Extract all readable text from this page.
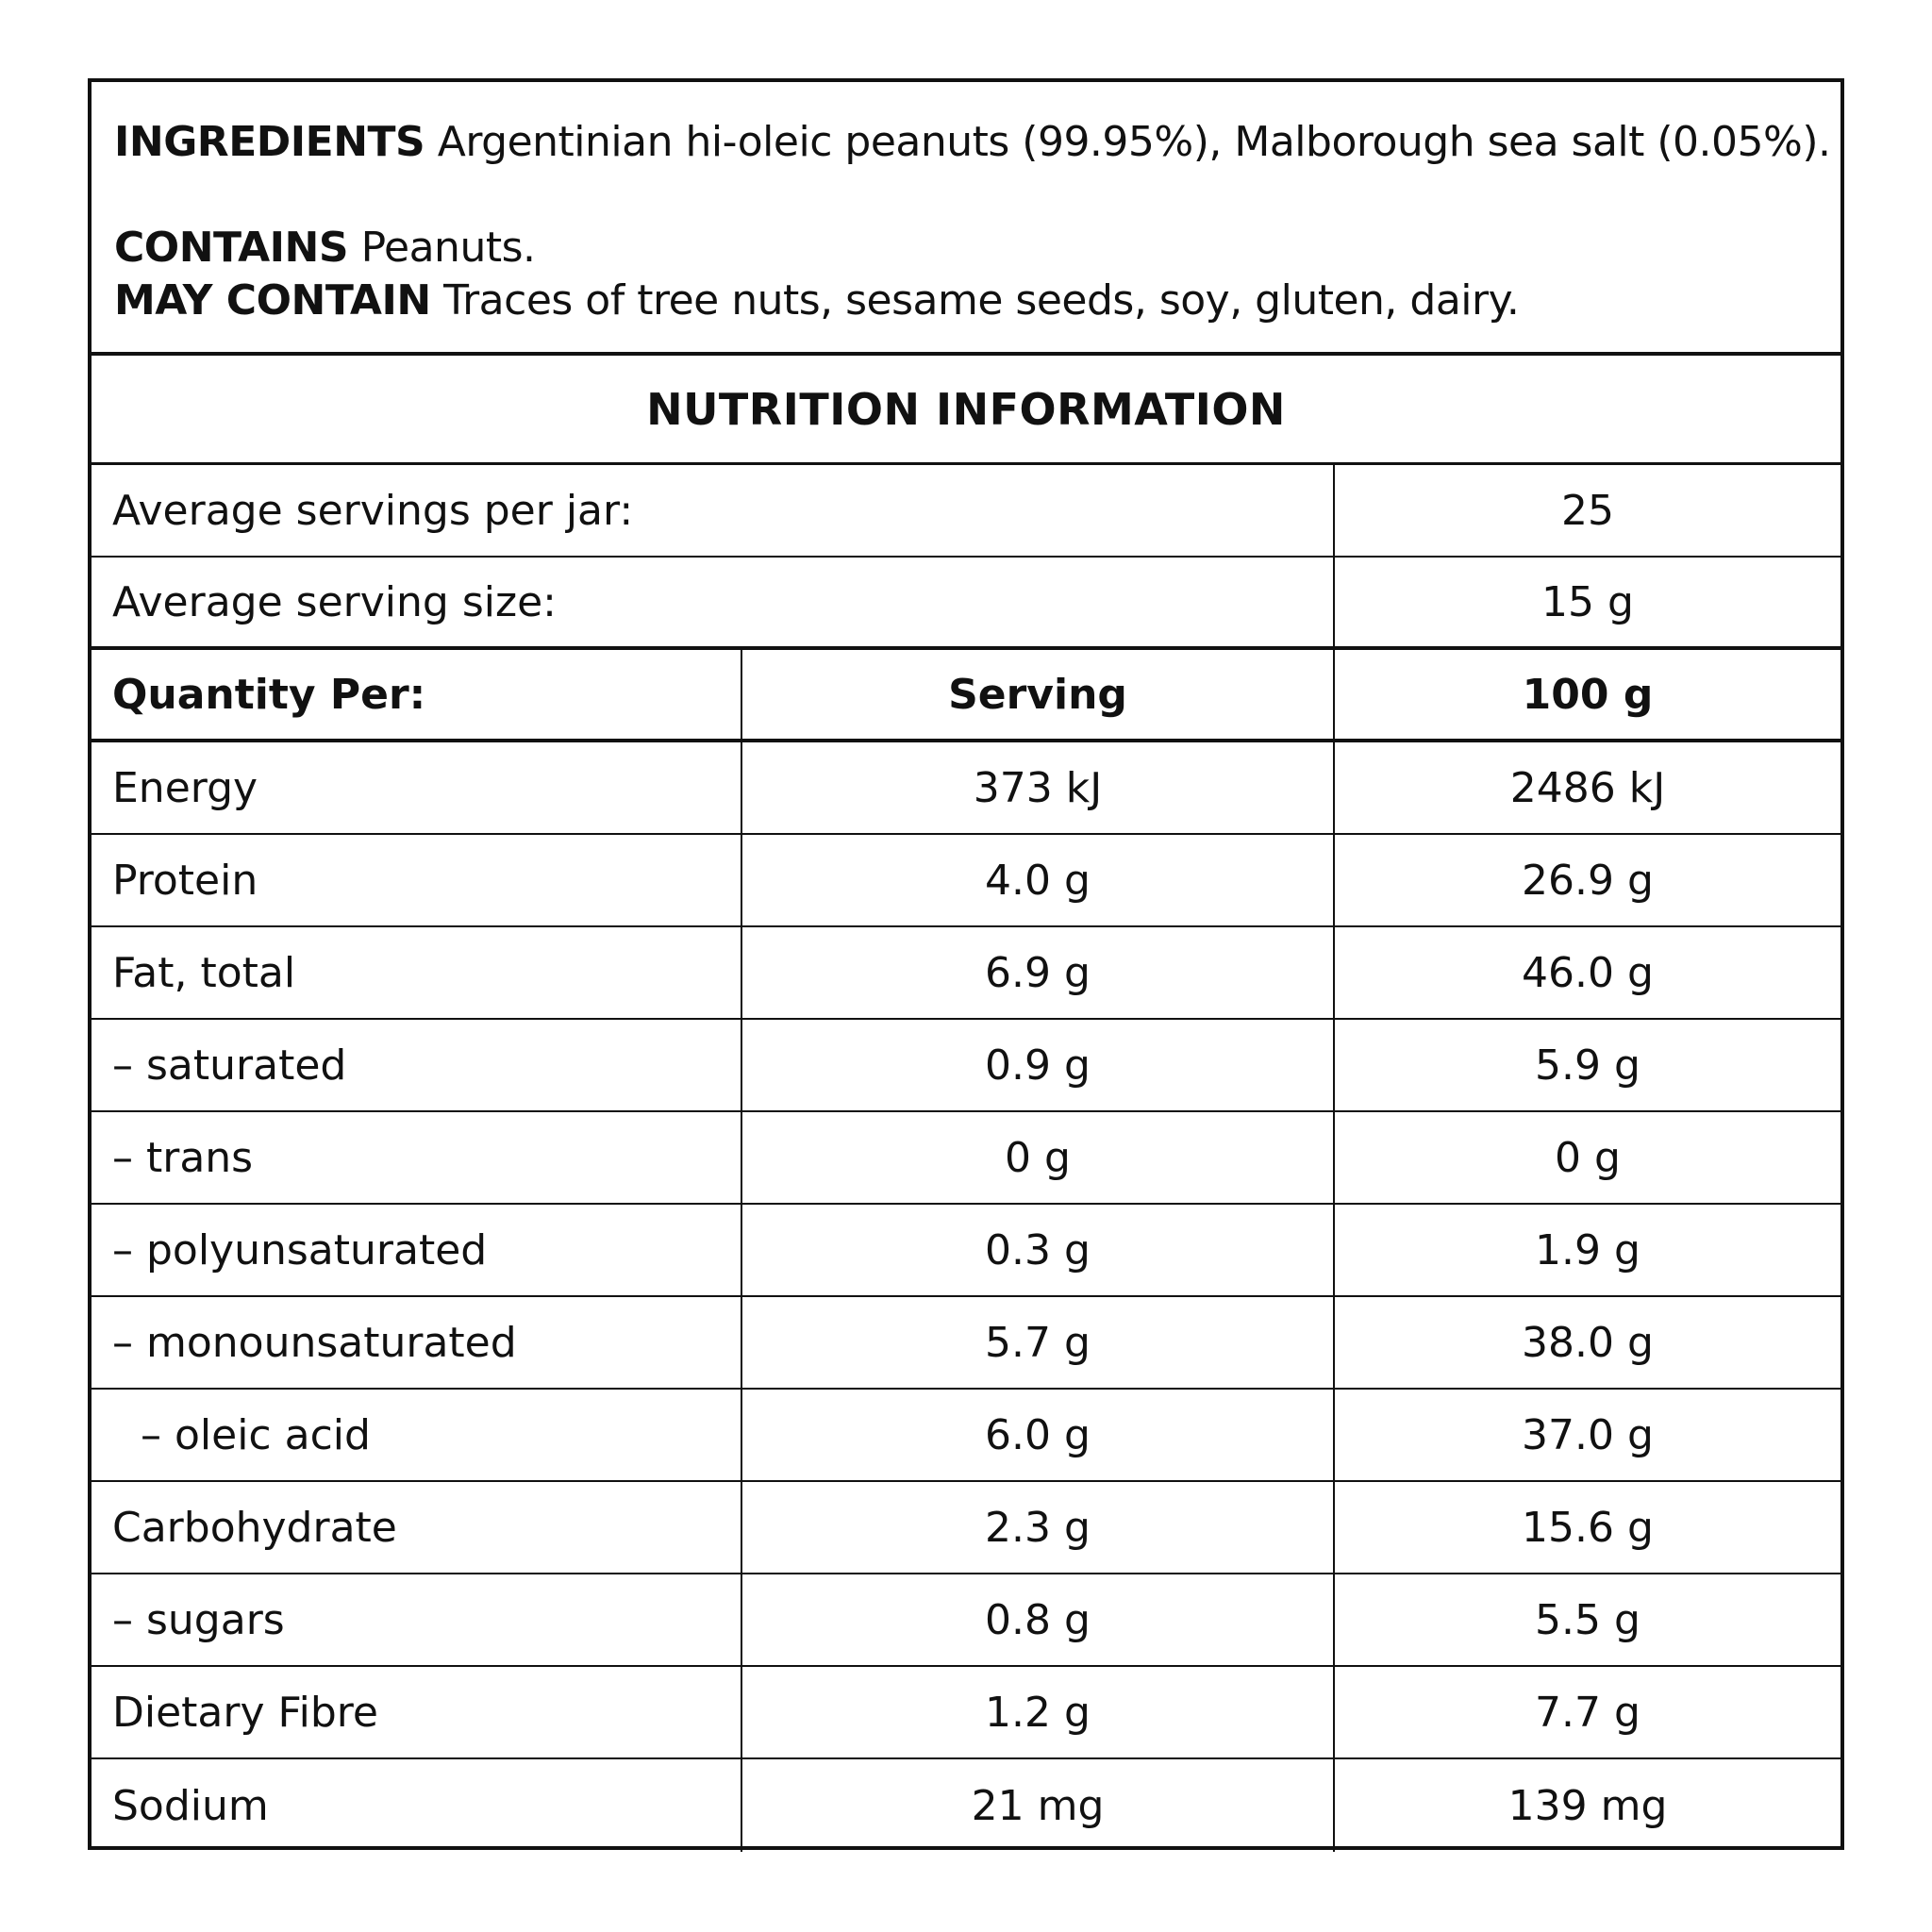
INGREDIENTS Argentinian hi-oleic peanuts (99.95%), Malborough sea salt (0.05%).

CONTAINS Peanuts.

MAY CONTAIN Traces of tree nuts, sesame seeds, soy, gluten, dairy.

NUTRITION INFORMATION
Average servings per jar:	25
Average serving size:	15 g
Quantity Per:	Serving	100 g
Energy	373 kJ	2486 kJ
Protein	4.0 g	26.9 g
Fat, total	6.9 g	46.0 g
– saturated	0.9 g	5.9 g
– trans	0 g	0 g
– polyunsaturated	0.3 g	1.9 g
– monounsaturated	5.7 g	38.0 g
– oleic acid	6.0 g	37.0 g
Carbohydrate	2.3 g	15.6 g
– sugars	0.8 g	5.5 g
Dietary Fibre	1.2 g	7.7 g
Sodium	21 mg	139 mg
